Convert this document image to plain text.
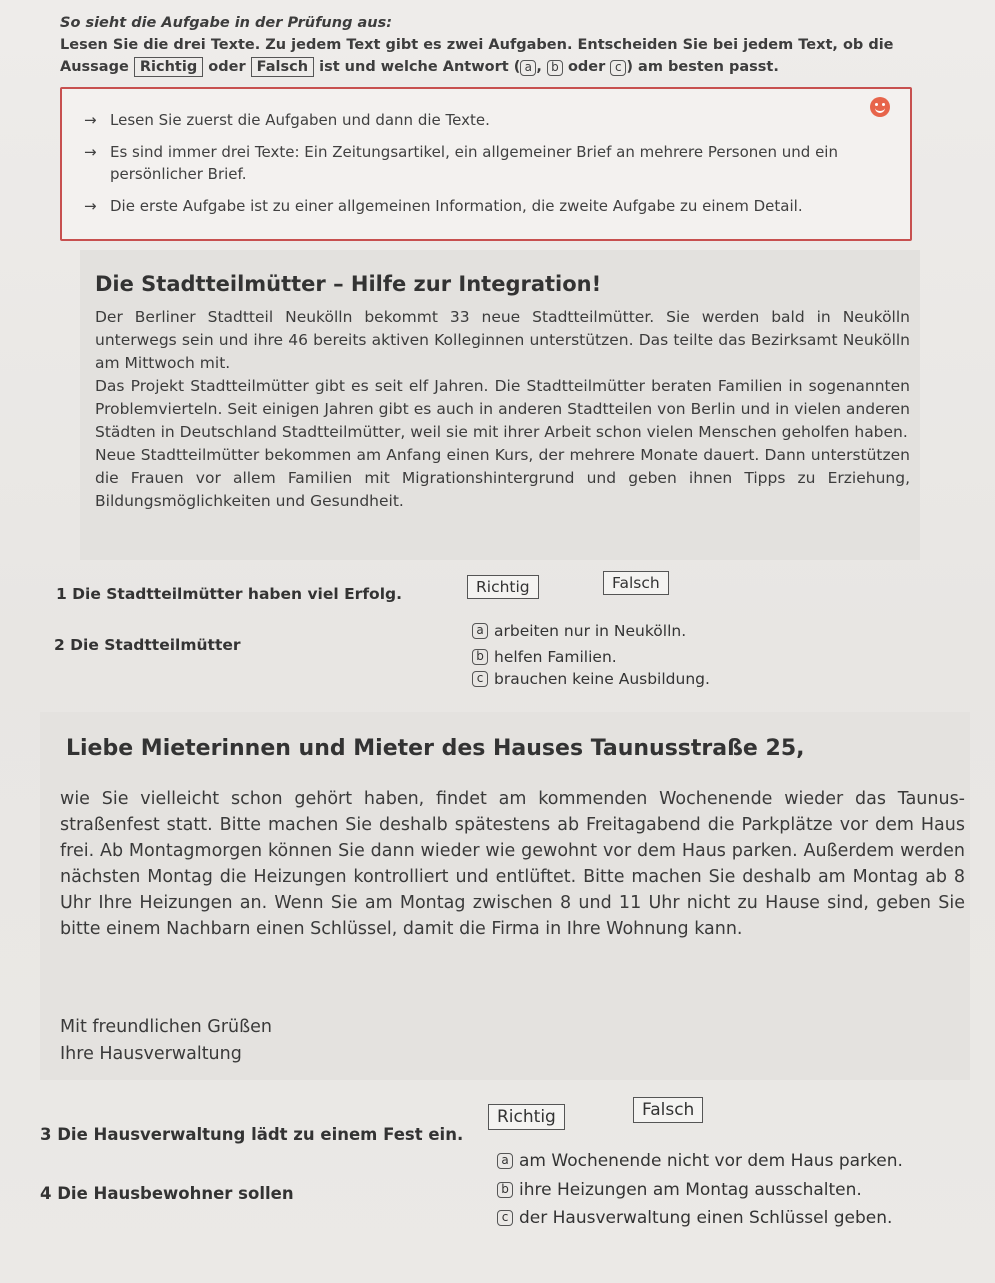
So sieht die Aufgabe in der Prüfung aus:
Lesen Sie die drei Texte. Zu jedem Text gibt es zwei Aufgaben. Entscheiden Sie bei jedem Text, ob die
Aussage Richtig oder Falsch ist und welche Antwort ( a , b oder c ) am besten passt.
→ Lesen Sie zuerst die Aufgaben und dann die Texte.
→ Es sind immer drei Texte: Ein Zeitungsartikel, ein allgemeiner Brief an mehrere Personen und ein persönlicher Brief.
→ Die erste Aufgabe ist zu einer allgemeinen Information, die zweite Aufgabe zu einem Detail.
Die Stadtteilmütter – Hilfe zur Integration!

Der Berliner Stadtteil Neukölln bekommt 33 neue Stadtteilmütter. Sie werden bald in Neukölln unterwegs sein und ihre 46 bereits aktiven Kolleginnen unterstützen. Das teilte das Bezirksamt Neukölln am Mittwoch mit.

Das Projekt Stadtteilmütter gibt es seit elf Jahren. Die Stadtteilmütter beraten Familien in sogenannten Problemvierteln. Seit einigen Jahren gibt es auch in anderen Stadtteilen von Berlin und in vielen anderen Städten in Deutschland Stadtteilmütter, weil sie mit ihrer Arbeit schon vielen Menschen geholfen haben.

Neue Stadtteilmütter bekommen am Anfang einen Kurs, der mehrere Monate dauert. Dann unterstützen die Frauen vor allem Familien mit Migrationshintergrund und geben ihnen Tipps zu Erziehung, Bildungsmöglichkeiten und Gesundheit.

1 Die Stadtteilmütter haben viel Erfolg.	Richtig	Falsch
2 Die Stadtteilmütter
a arbeiten nur in Neukölln.
b helfen Familien.
c brauchen keine Ausbildung.
Liebe Mieterinnen und Mieter des Hauses Taunusstraße 25,

wie Sie vielleicht schon gehört haben, findet am kommenden Wochenende wieder das Taunus-straßenfest statt. Bitte machen Sie deshalb spätestens ab Freitagabend die Parkplätze vor dem Haus frei. Ab Montagmorgen können Sie dann wieder wie gewohnt vor dem Haus parken. Außerdem werden nächsten Montag die Heizungen kontrolliert und entlüftet. Bitte machen Sie deshalb am Montag ab 8 Uhr Ihre Heizungen an. Wenn Sie am Montag zwischen 8 und 11 Uhr nicht zu Hause sind, geben Sie bitte einem Nachbarn einen Schlüssel, damit die Firma in Ihre Wohnung kann.

Mit freundlichen Grüßen
Ihre Hausverwaltung
3 Die Hausverwaltung lädt zu einem Fest ein.
Richtig	Falsch
4 Die Hausbewohner sollen
a am Wochenende nicht vor dem Haus parken.
b ihre Heizungen am Montag ausschalten.
c der Hausverwaltung einen Schlüssel geben.
